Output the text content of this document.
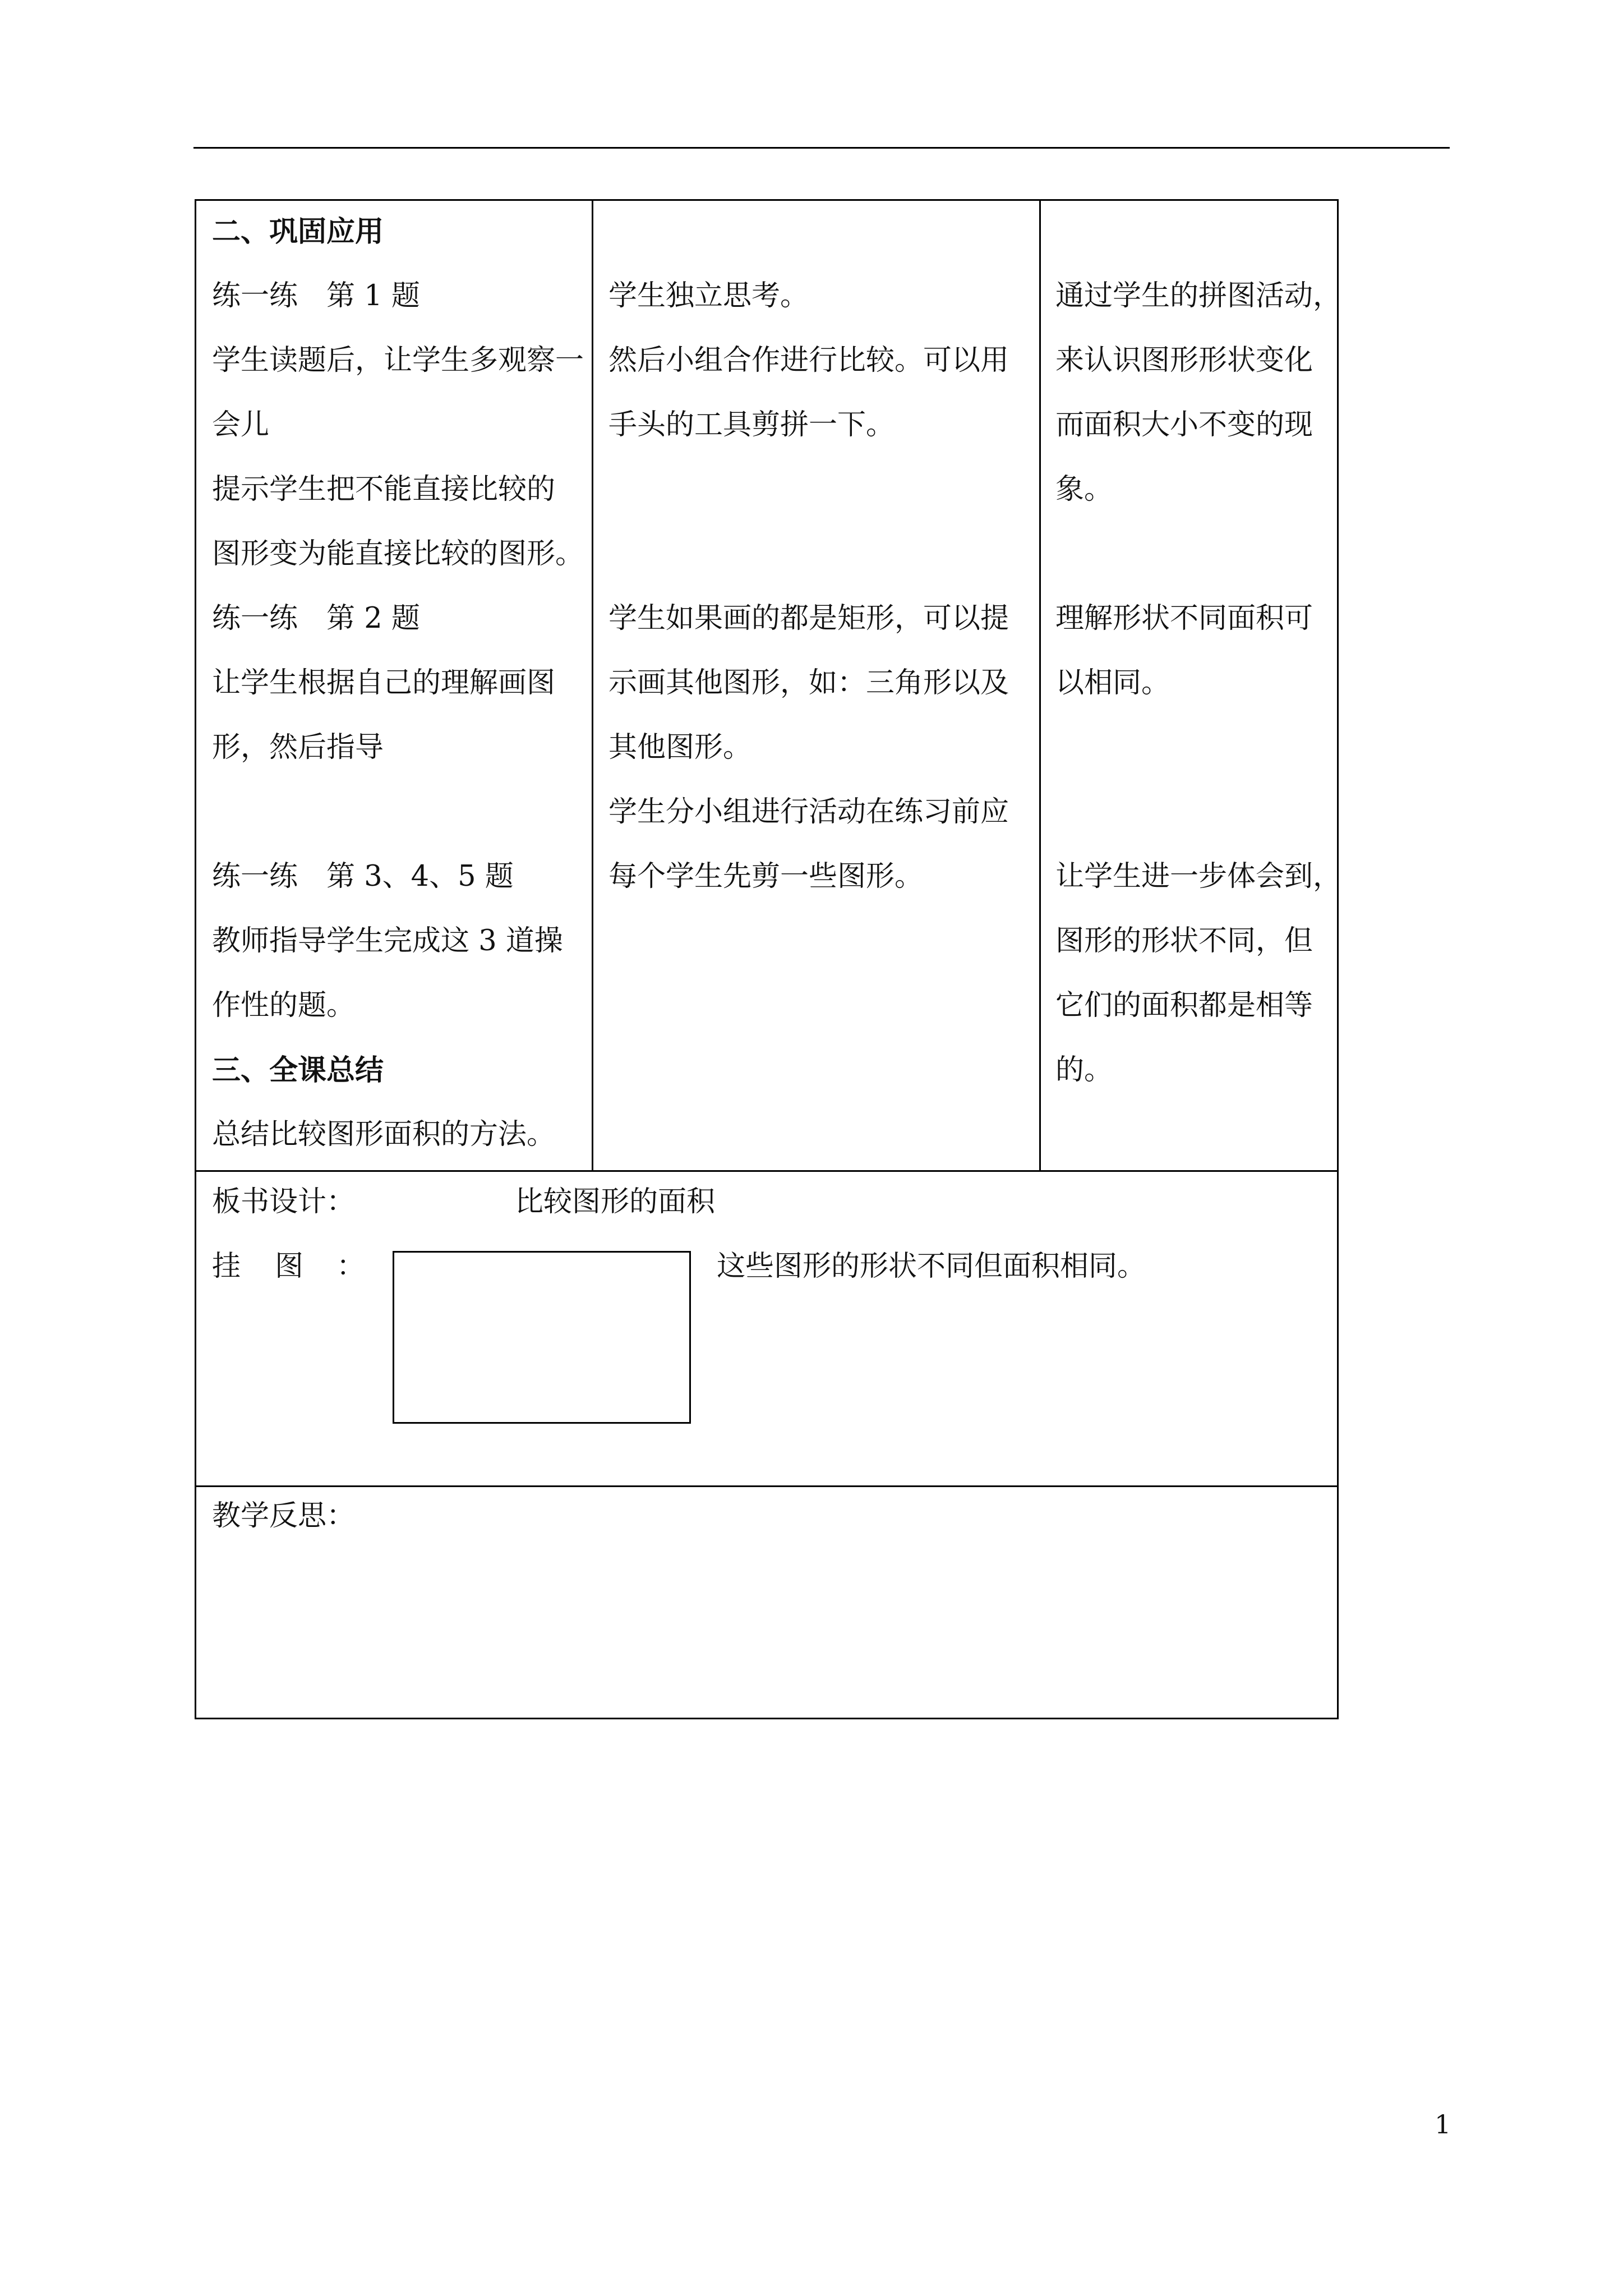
二、巩固应用
练一练　第 1 题
学生读题后，让学生多观察一
会儿
提示学生把不能直接比较的
图形变为能直接比较的图形。
练一练　第 2 题
让学生根据自己的理解画图
形，然后指导
练一练　第 3、4、5 题
教师指导学生完成这 3 道操
作性的题。
三、全课总结
总结比较图形面积的方法。
学生独立思考。
然后小组合作进行比较。可以用
手头的工具剪拼一下。
学生如果画的都是矩形，可以提
示画其他图形，如：三角形以及
其他图形。
学生分小组进行活动在练习前应
每个学生先剪一些图形。
通过学生的拼图活动，
来认识图形形状变化
而面积大小不变的现
象。
理解形状不同面积可
以相同。
让学生进一步体会到，
图形的形状不同，但
它们的面积都是相等
的。
板书设计：	比较图形的面积
挂 图 ：	这些图形的形状不同但面积相同。
教学反思：
1
